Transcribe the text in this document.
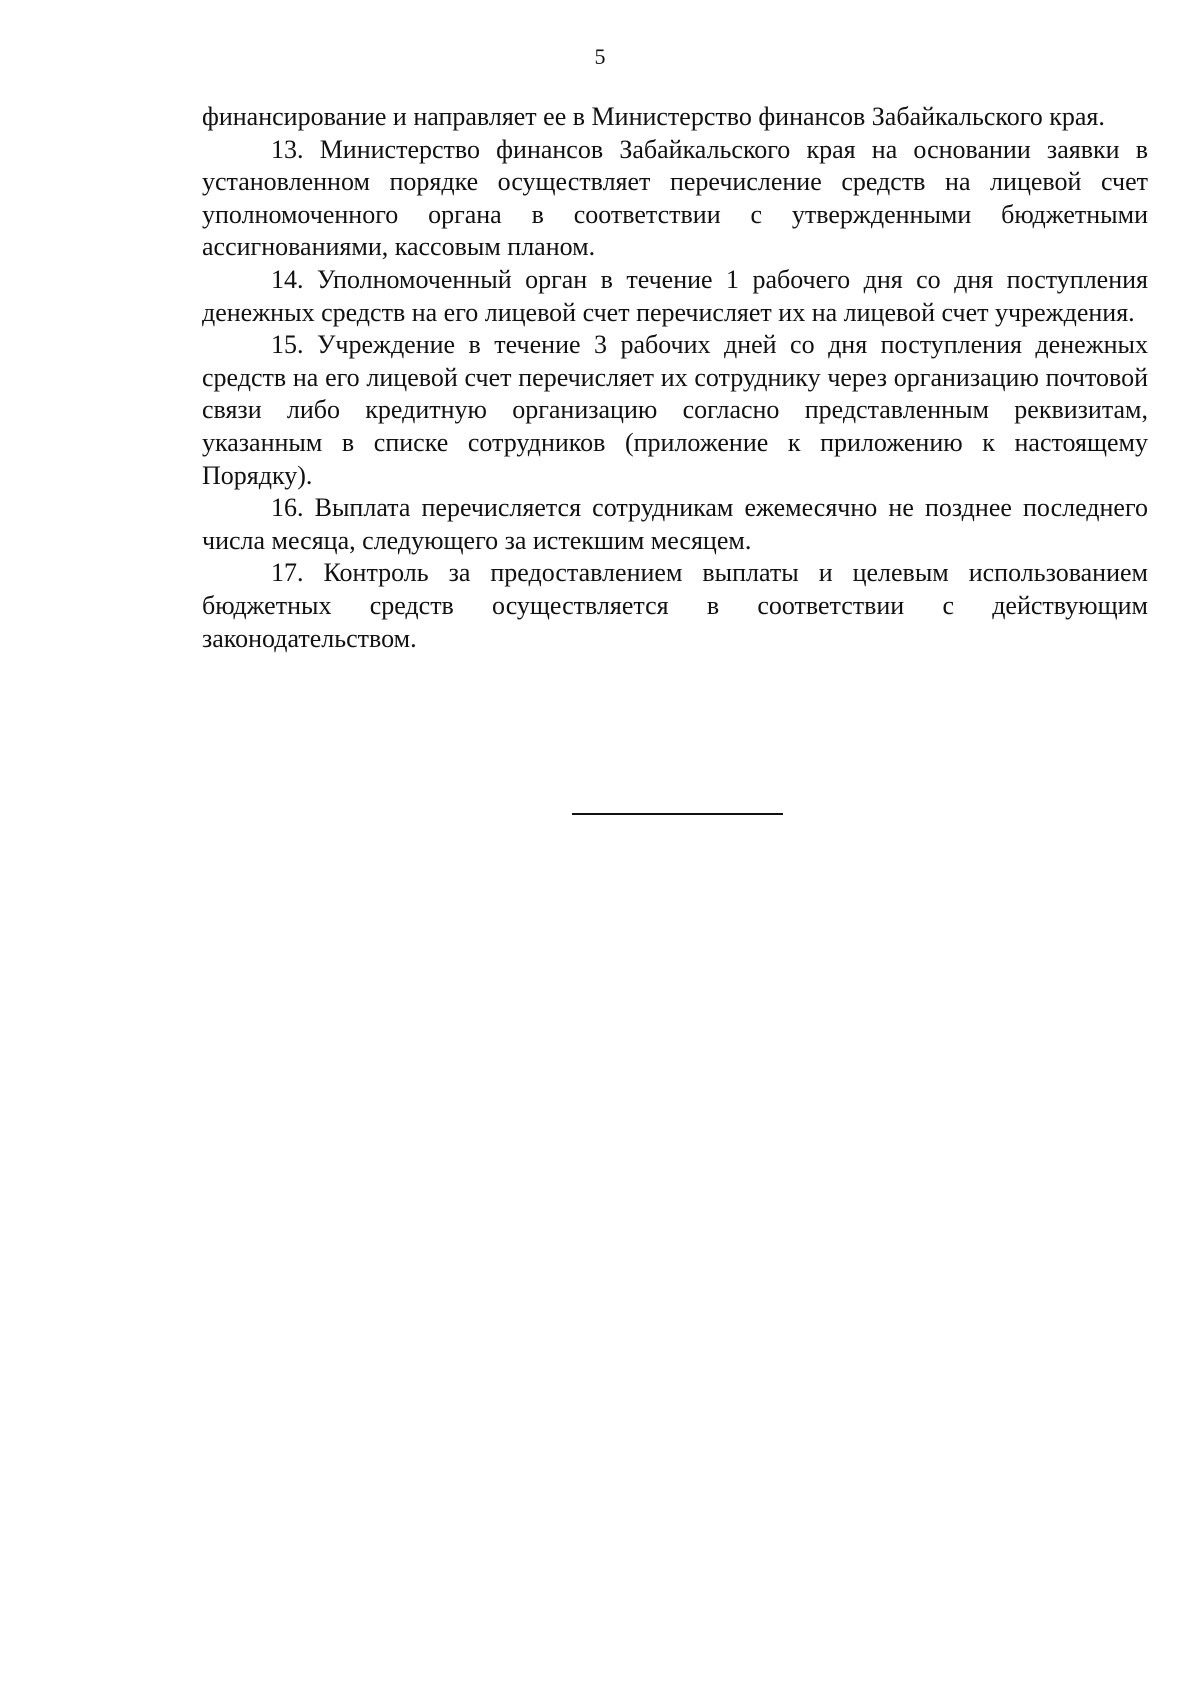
5

финансирование и направляет ее в Министерство финансов Забайкальского края.

13. Министерство финансов Забайкальского края на основании заявки в установленном порядке осуществляет перечисление средств на лицевой счет уполномоченного органа в соответствии с утвержденными бюджетными ассигнованиями, кассовым планом.

14. Уполномоченный орган в течение 1 рабочего дня со дня поступления денежных средств на его лицевой счет перечисляет их на лицевой счет учреждения.

15. Учреждение в течение 3 рабочих дней со дня поступления денежных средств на его лицевой счет перечисляет их сотруднику через организацию почтовой связи либо кредитную организацию согласно представленным реквизитам, указанным в списке сотрудников (приложение к приложению к настоящему Порядку).

16. Выплата перечисляется сотрудникам ежемесячно не позднее последнего числа месяца, следующего за истекшим месяцем.

17. Контроль за предоставлением выплаты и целевым использованием бюджетных средств осуществляется в соответствии с действующим законодательством.
